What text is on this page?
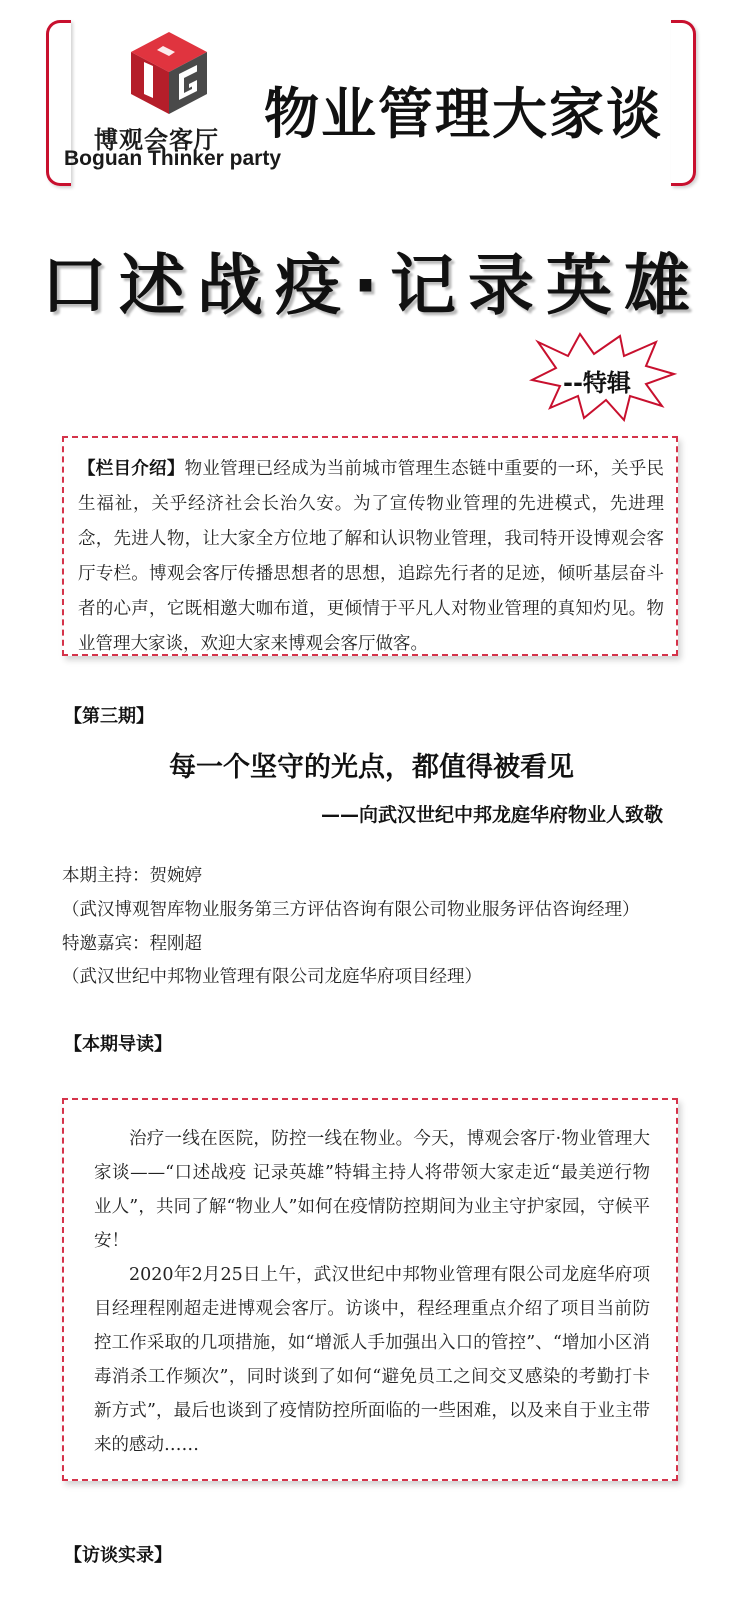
博观会客厅
Boguan Thinker party
物业管理大家谈
口述战疫·记录英雄
--特辑
【栏目介绍】物业管理已经成为当前城市管理生态链中重要的一环，关乎民生福祉，关乎经济社会长治久安。为了宣传物业管理的先进模式，先进理念，先进人物，让大家全方位地了解和认识物业管理，我司特开设博观会客厅专栏。博观会客厅传播思想者的思想，追踪先行者的足迹，倾听基层奋斗者的心声，它既相邀大咖布道，更倾情于平凡人对物业管理的真知灼见。物业管理大家谈，欢迎大家来博观会客厅做客。
【第三期】
每一个坚守的光点，都值得被看见
——向武汉世纪中邦龙庭华府物业人致敬
本期主持：贺婉婷
（武汉博观智库物业服务第三方评估咨询有限公司物业服务评估咨询经理）
特邀嘉宾：程刚超
（武汉世纪中邦物业管理有限公司龙庭华府项目经理）
【本期导读】

治疗一线在医院，防控一线在物业。今天，博观会客厅·物业管理大家谈——“口述战疫 记录英雄”特辑主持人将带领大家走近“最美逆行物业人”，共同了解“物业人”如何在疫情防控期间为业主守护家园，守候平安！

2020年2月25日上午，武汉世纪中邦物业管理有限公司龙庭华府项目经理程刚超走进博观会客厅。访谈中，程经理重点介绍了项目当前防控工作采取的几项措施，如“增派人手加强出入口的管控”、“增加小区消毒消杀工作频次”，同时谈到了如何“避免员工之间交叉感染的考勤打卡新方式”，最后也谈到了疫情防控所面临的一些困难，以及来自于业主带来的感动……

【访谈实录】
